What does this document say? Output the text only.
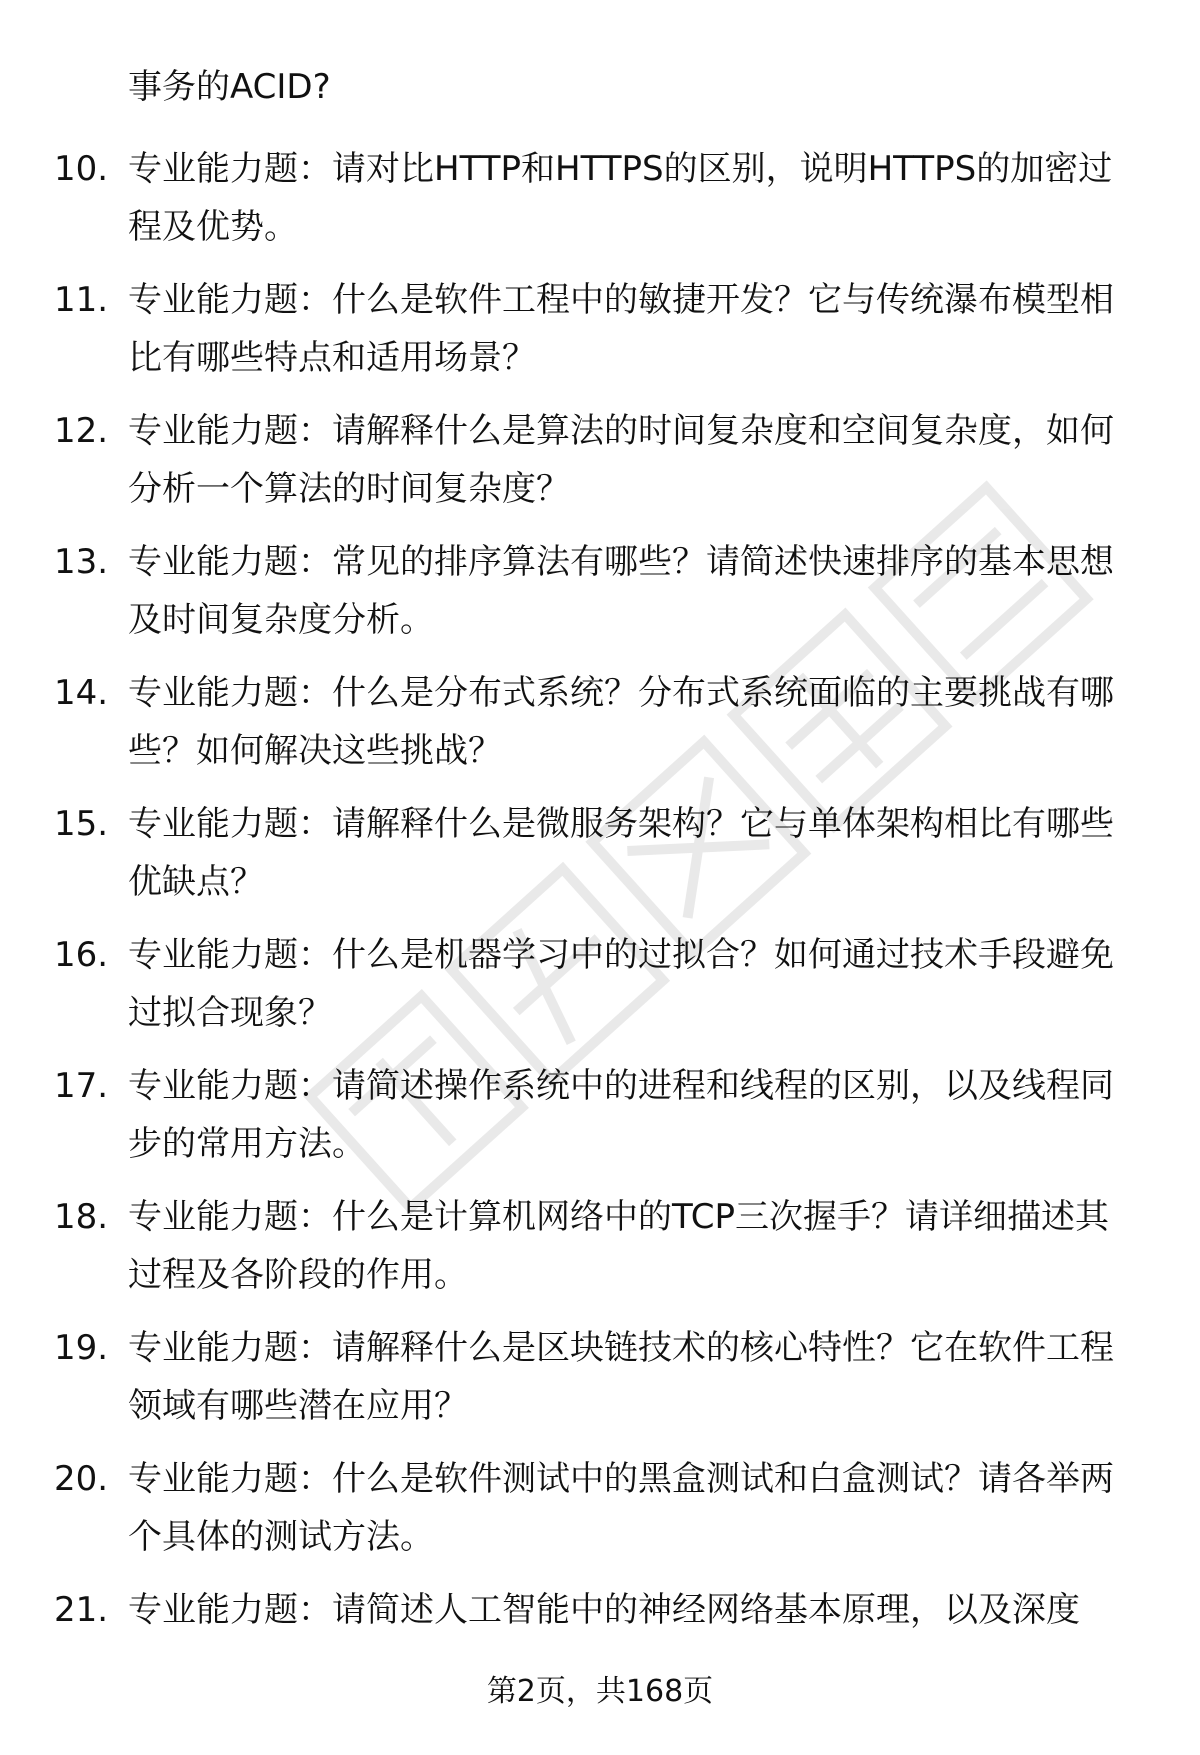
事务的ACID?
10. 专业能力题：请对比HTTP和HTTPS的区别，说明HTTPS的加密过程及优势。
11. 专业能力题：什么是软件工程中的敏捷开发？它与传统瀑布模型相比有哪些特点和适用场景？
12. 专业能力题：请解释什么是算法的时间复杂度和空间复杂度，如何分析一个算法的时间复杂度？
13. 专业能力题：常见的排序算法有哪些？请简述快速排序的基本思想及时间复杂度分析。
14. 专业能力题：什么是分布式系统？分布式系统面临的主要挑战有哪些？如何解决这些挑战？
15. 专业能力题：请解释什么是微服务架构？它与单体架构相比有哪些优缺点？
16. 专业能力题：什么是机器学习中的过拟合？如何通过技术手段避免过拟合现象？
17. 专业能力题：请简述操作系统中的进程和线程的区别，以及线程同步的常用方法。
18. 专业能力题：什么是计算机网络中的TCP三次握手？请详细描述其过程及各阶段的作用。
19. 专业能力题：请解释什么是区块链技术的核心特性？它在软件工程领域有哪些潜在应用？
20. 专业能力题：什么是软件测试中的黑盒测试和白盒测试？请各举两个具体的测试方法。
21. 专业能力题：请简述人工智能中的神经网络基本原理，以及深度
第2页，共168页
